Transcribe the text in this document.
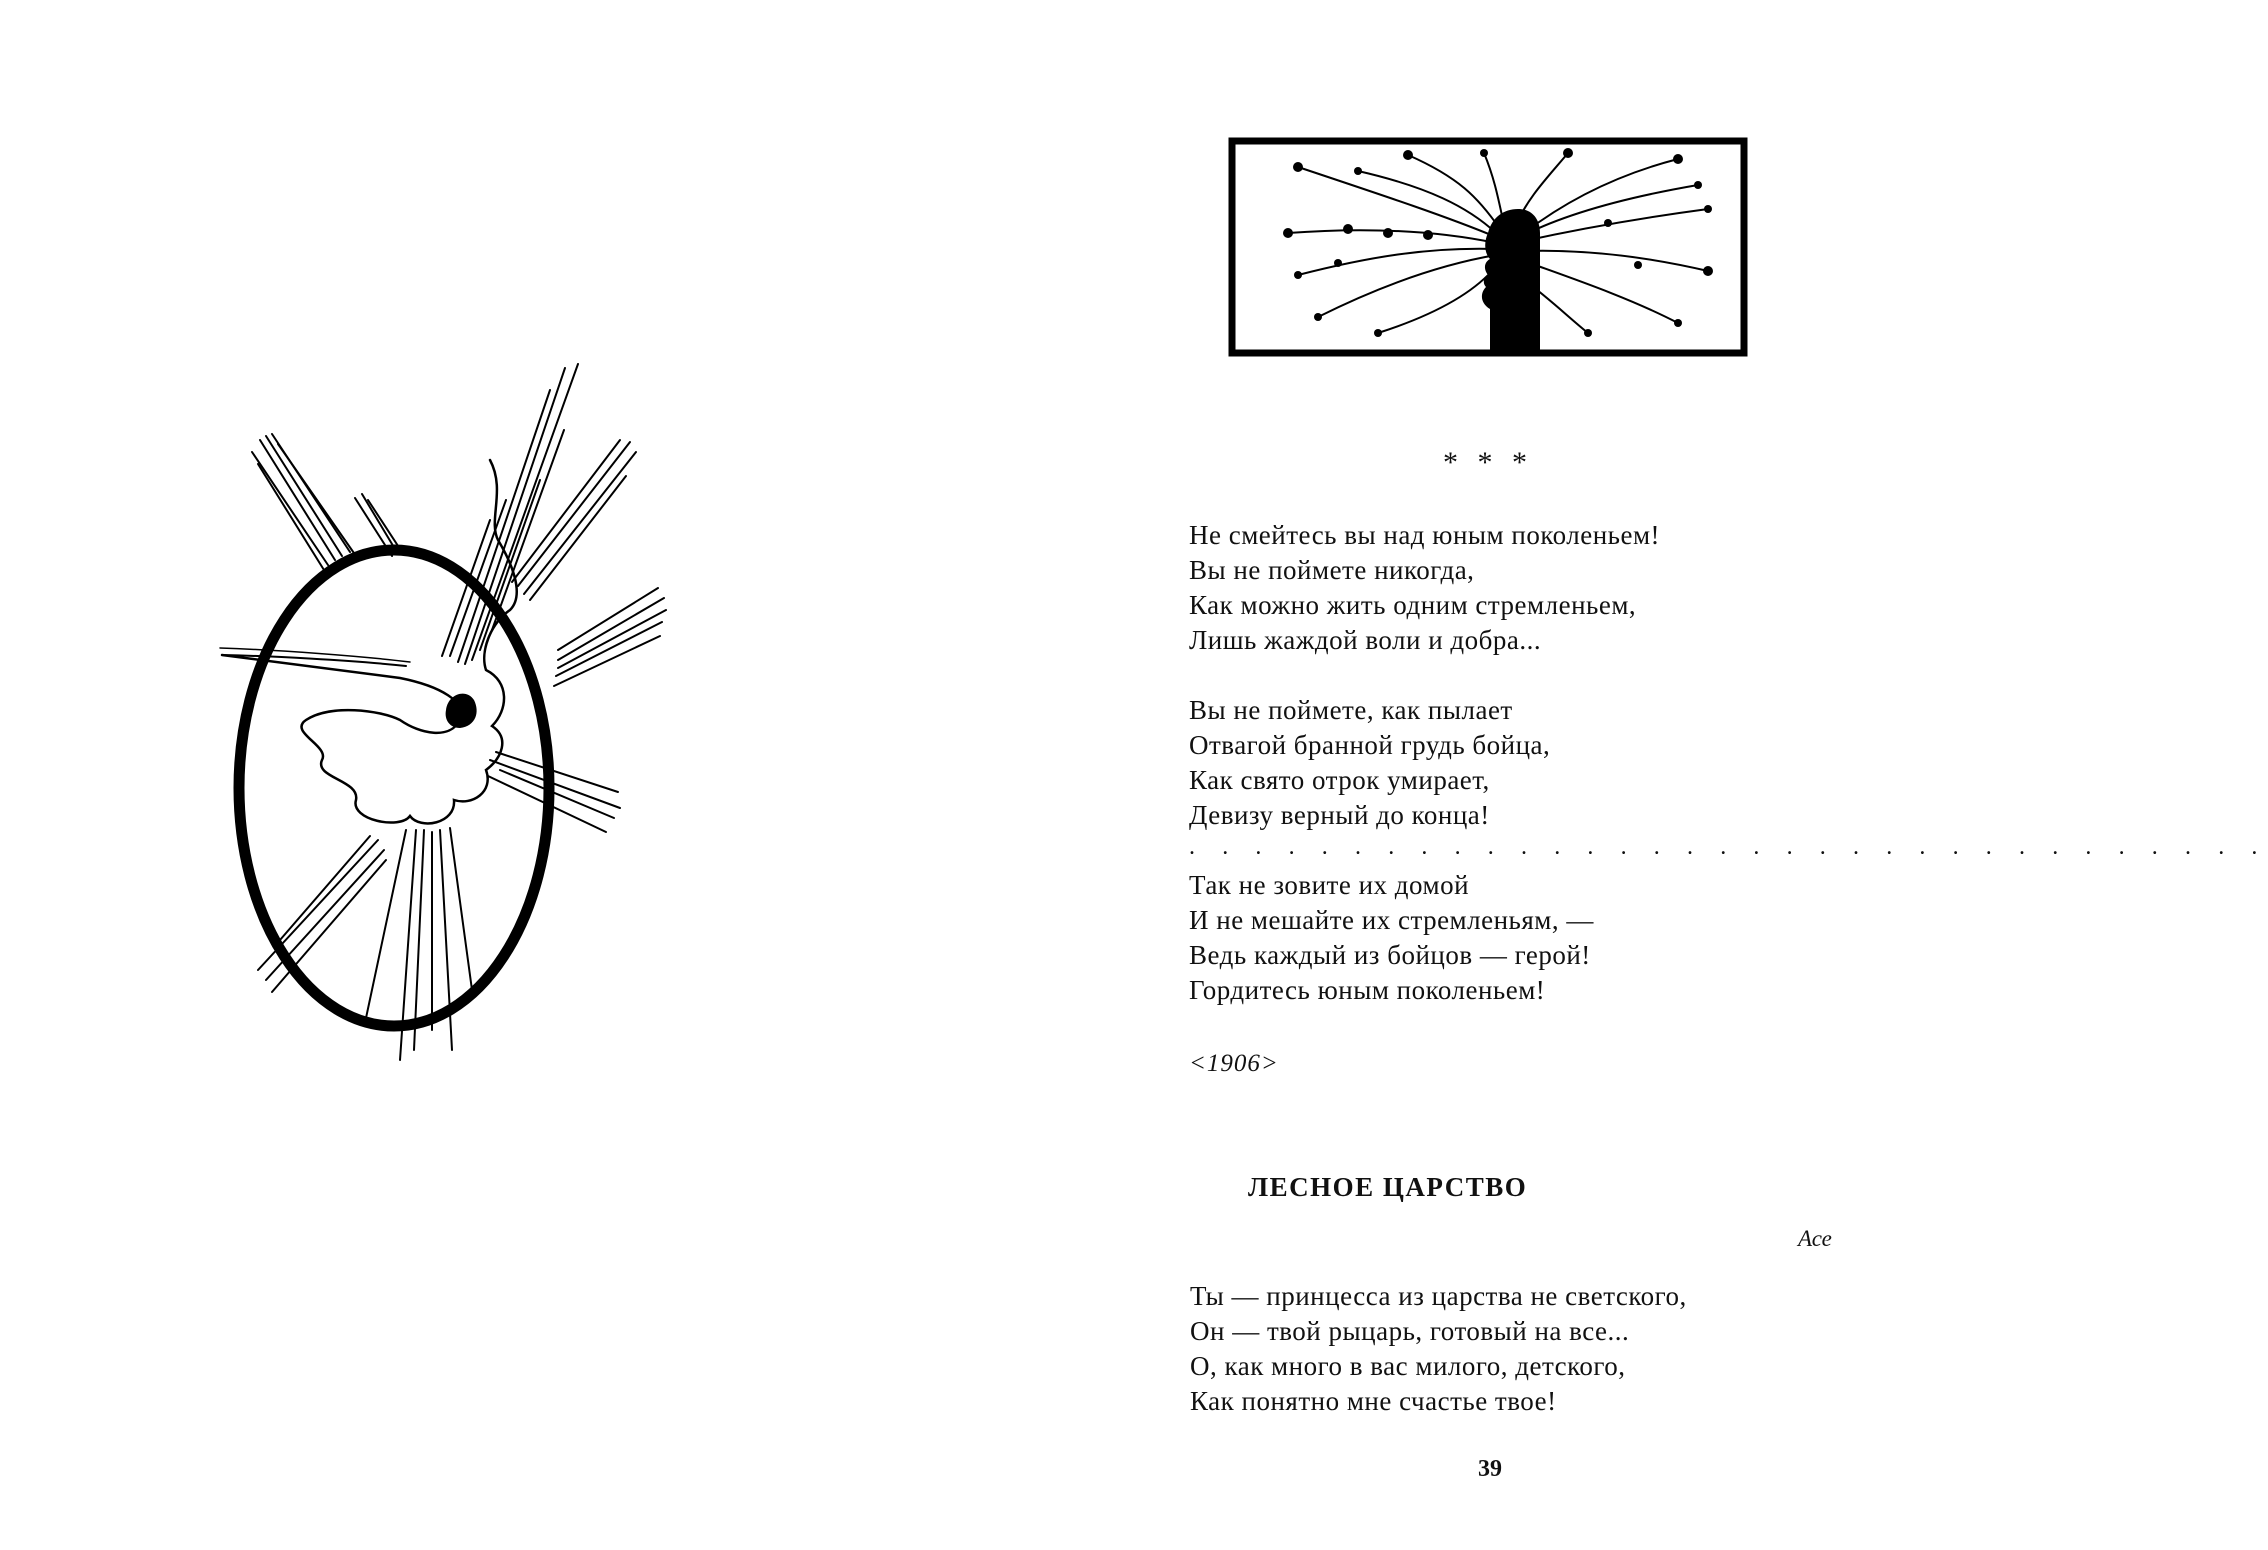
* * *
Не смейтесь вы над юным поколеньем!
Вы не поймете никогда,
Как можно жить одним стремленьем,
Лишь жаждой воли и добра...
Вы не поймете, как пылает
Отвагой бранной грудь бойца,
Как свято отрок умирает,
Девизу верный до конца!
. . . . . . . . . . . . . . . . . . . . . . . . . . . . . . . . .
Так не зовите их домой
И не мешайте их стремленьям, —
Ведь каждый из бойцов — герой!
Гордитесь юным поколеньем!
<1906>
ЛЕСНОЕ ЦАРСТВО
Асе
Ты — принцесса из царства не светского,
Он — твой рыцарь, готовый на все...
О, как много в вас милого, детского,
Как понятно мне счастье твое!
39
